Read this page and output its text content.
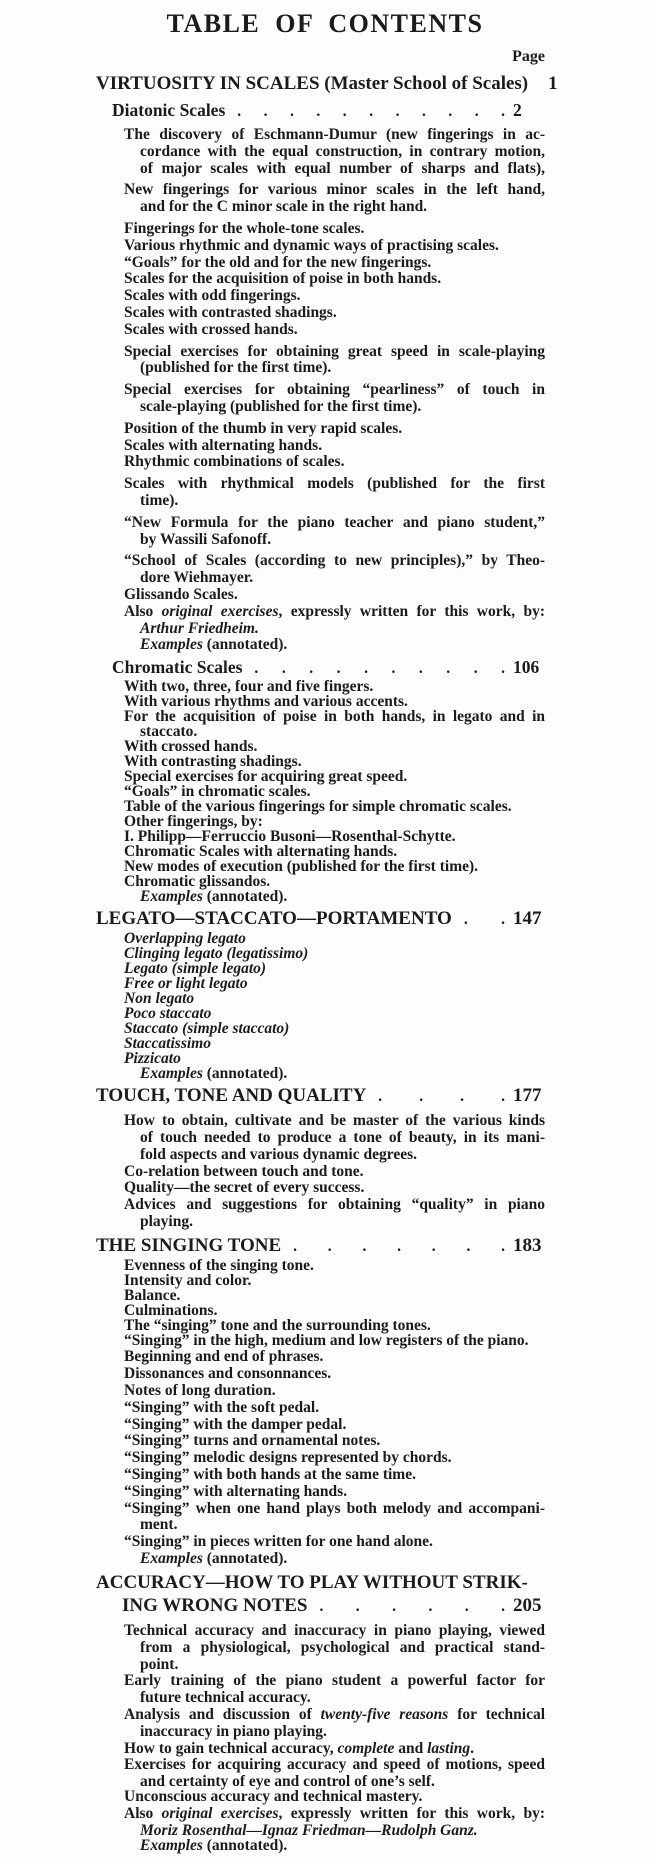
TABLE OF CONTENTS
Page
VIRTUOSITY IN SCALES (Master School of Scales) 1
Diatonic Scales . . . . . . . . . . . 2
The discovery of Eschmann-Dumur (new fingerings in ac-
cordance with the equal construction, in contrary motion,
of major scales with equal number of sharps and flats),
New fingerings for various minor scales in the left hand,
and for the C minor scale in the right hand.
Fingerings for the whole-tone scales.
Various rhythmic and dynamic ways of practising scales.
“Goals” for the old and for the new fingerings.
Scales for the acquisition of poise in both hands.
Scales with odd fingerings.
Scales with contrasted shadings.
Scales with crossed hands.
Special exercises for obtaining great speed in scale-playing
(published for the first time).
Special exercises for obtaining “pearliness” of touch in
scale-playing (published for the first time).
Position of the thumb in very rapid scales.
Scales with alternating hands.
Rhythmic combinations of scales.
Scales with rhythmical models (published for the first
time).
“New Formula for the piano teacher and piano student,”
by Wassili Safonoff.
“School of Scales (according to new principles),” by Theo-
dore Wiehmayer.
Glissando Scales.
Also original exercises, expressly written for this work, by:
Arthur Friedheim.
Examples (annotated).
Chromatic Scales . . . . . . . . . . 106
With two, three, four and five fingers.
With various rhythms and various accents.
For the acquisition of poise in both hands, in legato and in
staccato.
With crossed hands.
With contrasting shadings.
Special exercises for acquiring great speed.
“Goals” in chromatic scales.
Table of the various fingerings for simple chromatic scales.
Other fingerings, by:
I. Philipp—Ferruccio Busoni—Rosenthal-Schytte.
Chromatic Scales with alternating hands.
New modes of execution (published for the first time).
Chromatic glissandos.
Examples (annotated).
LEGATO—STACCATO—PORTAMENTO . . 147
Overlapping legato
Clinging legato (legatissimo)
Legato (simple legato)
Free or light legato
Non legato
Poco staccato
Staccato (simple staccato)
Staccatissimo
Pizzicato
Examples (annotated).
TOUCH, TONE AND QUALITY . . . . 177
How to obtain, cultivate and be master of the various kinds
of touch needed to produce a tone of beauty, in its mani-
fold aspects and various dynamic degrees.
Co-relation between touch and tone.
Quality—the secret of every success.
Advices and suggestions for obtaining “quality” in piano
playing.
THE SINGING TONE . . . . . . . 183
Evenness of the singing tone.
Intensity and color.
Balance.
Culminations.
The “singing” tone and the surrounding tones.
“Singing” in the high, medium and low registers of the piano.
Beginning and end of phrases.
Dissonances and consonnances.
Notes of long duration.
“Singing” with the soft pedal.
“Singing” with the damper pedal.
“Singing” turns and ornamental notes.
“Singing” melodic designs represented by chords.
“Singing” with both hands at the same time.
“Singing” with alternating hands.
“Singing” when one hand plays both melody and accompani-
ment.
“Singing” in pieces written for one hand alone.
Examples (annotated).
ACCURACY—HOW TO PLAY WITHOUT STRIK-
ING WRONG NOTES . . . . . . 205
Technical accuracy and inaccuracy in piano playing, viewed
from a physiological, psychological and practical stand-
point.
Early training of the piano student a powerful factor for
future technical accuracy.
Analysis and discussion of twenty-five reasons for technical
inaccuracy in piano playing.
How to gain technical accuracy, complete and lasting.
Exercises for acquiring accuracy and speed of motions, speed
and certainty of eye and control of one’s self.
Unconscious accuracy and technical mastery.
Also original exercises, expressly written for this work, by:
Moriz Rosenthal—Ignaz Friedman—Rudolph Ganz.
Examples (annotated).
